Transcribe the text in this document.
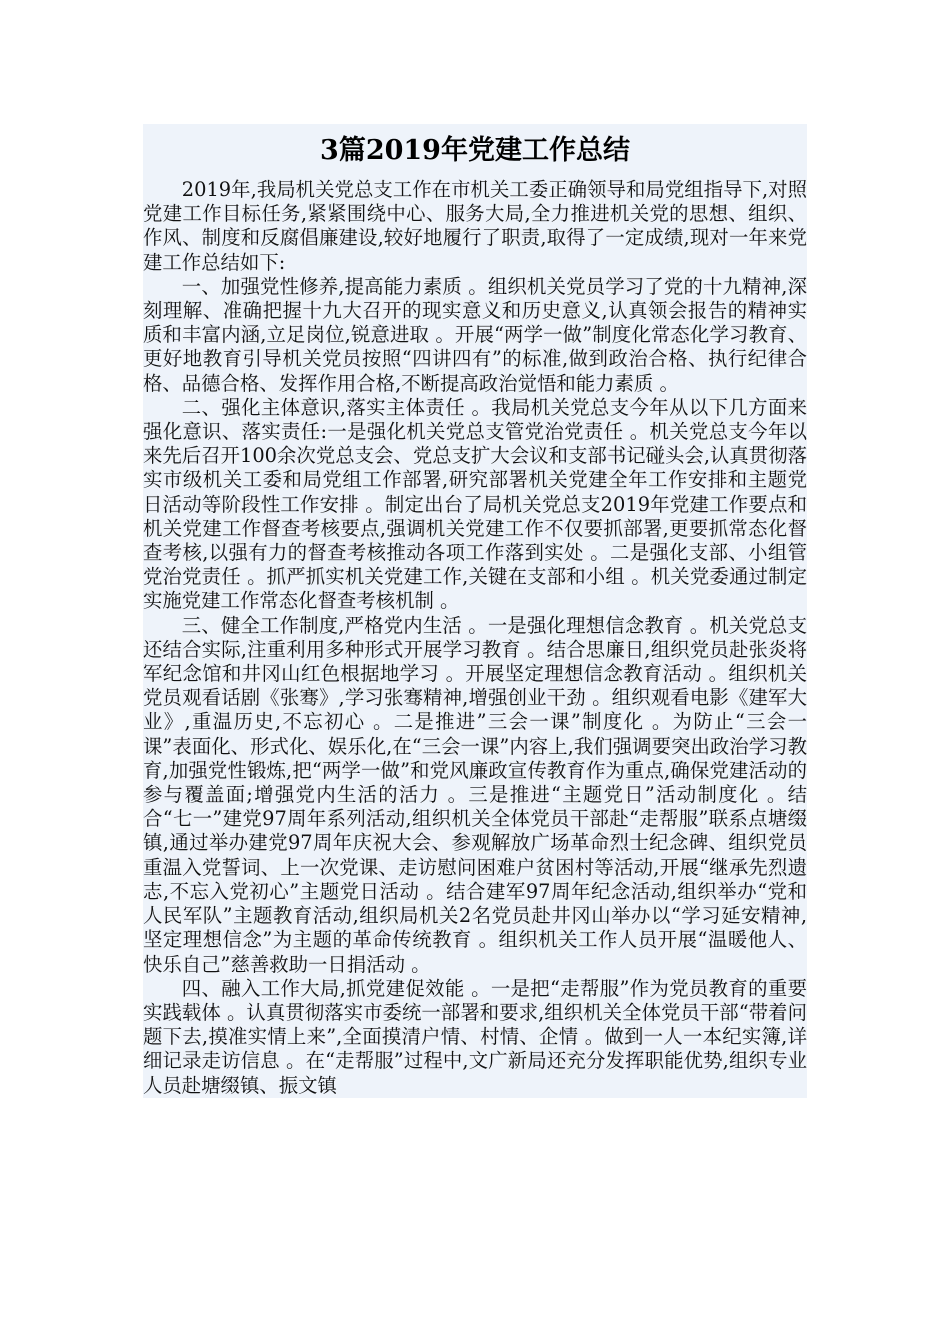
3篇2019年党建工作总结

2019年,我局机关党总支工作在市机关工委正确领导和局党组指导下,对照党建工作目标任务,紧紧围绕中心、服务大局,全力推进机关党的思想、组织、作风、制度和反腐倡廉建设,较好地履行了职责,取得了一定成绩,现对一年来党建工作总结如下:

一、加强党性修养,提高能力素质 。组织机关党员学习了党的十九精神,深刻理解、准确把握十九大召开的现实意义和历史意义,认真领会报告的精神实质和丰富内涵,立足岗位,锐意进取 。开展“两学一做”制度化常态化学习教育、更好地教育引导机关党员按照“四讲四有”的标准,做到政治合格、执行纪律合格、品德合格、发挥作用合格,不断提高政治觉悟和能力素质 。

二、强化主体意识,落实主体责任 。我局机关党总支今年从以下几方面来强化意识、落实责任:一是强化机关党总支管党治党责任 。机关党总支今年以来先后召开100余次党总支会、党总支扩大会议和支部书记碰头会,认真贯彻落实市级机关工委和局党组工作部署,研究部署机关党建全年工作安排和主题党日活动等阶段性工作安排 。制定出台了局机关党总支2019年党建工作要点和机关党建工作督查考核要点,强调机关党建工作不仅要抓部署,更要抓常态化督查考核,以强有力的督查考核推动各项工作落到实处 。二是强化支部、小组管党治党责任 。抓严抓实机关党建工作,关键在支部和小组 。机关党委通过制定实施党建工作常态化督查考核机制 。

三、健全工作制度,严格党内生活 。一是强化理想信念教育 。机关党总支还结合实际,注重利用多种形式开展学习教育 。结合思廉日,组织党员赴张炎将军纪念馆和井冈山红色根据地学习 。开展坚定理想信念教育活动 。组织机关党员观看话剧《张骞》,学习张骞精神,增强创业干劲 。组织观看电影《建军大业》,重温历史,不忘初心 。二是推进”三会一课”制度化 。为防止“三会一课”表面化、形式化、娱乐化,在“三会一课”内容上,我们强调要突出政治学习教育,加强党性锻炼,把“两学一做”和党风廉政宣传教育作为重点,确保党建活动的参与覆盖面;增强党内生活的活力 。三是推进“主题党日”活动制度化 。结合“七一”建党97周年系列活动,组织机关全体党员干部赴“走帮服”联系点塘缀镇,通过举办建党97周年庆祝大会、参观解放广场革命烈士纪念碑、组织党员重温入党誓词、上一次党课、走访慰问困难户贫困村等活动,开展“继承先烈遗志,不忘入党初心”主题党日活动 。结合建军97周年纪念活动,组织举办“党和人民军队”主题教育活动,组织局机关2名党员赴井冈山举办以“学习延安精神,坚定理想信念”为主题的革命传统教育 。组织机关工作人员开展“温暖他人、快乐自己”慈善救助一日捐活动 。

四、融入工作大局,抓党建促效能 。一是把“走帮服”作为党员教育的重要实践载体 。认真贯彻落实市委统一部署和要求,组织机关全体党员干部“带着问题下去,摸准实情上来”,全面摸清户情、村情、企情 。做到一人一本纪实簿,详细记录走访信息 。在“走帮服”过程中,文广新局还充分发挥职能优势,组织专业人员赴塘缀镇、振文镇
